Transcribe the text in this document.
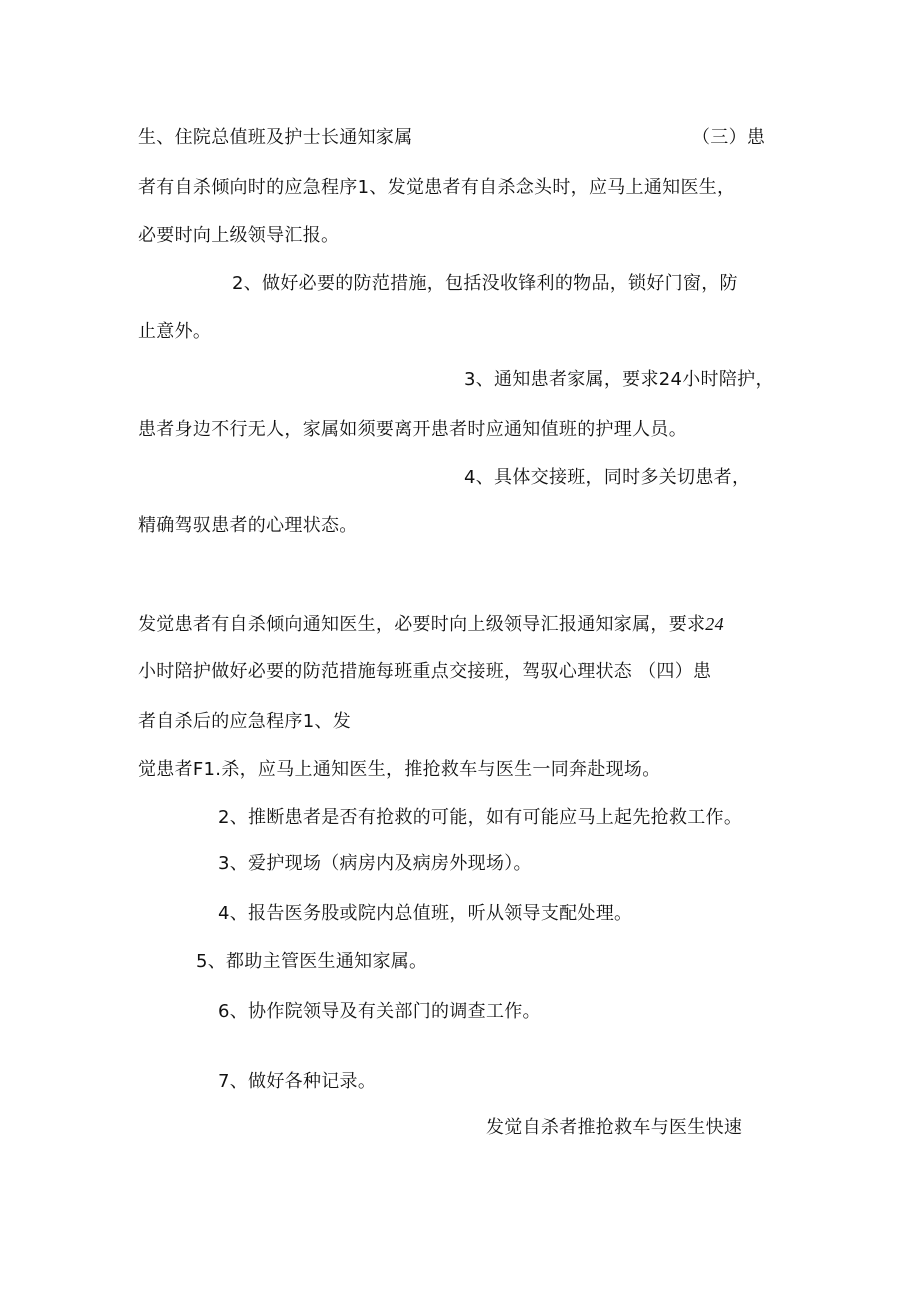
生、住院总值班及护士长通知家属	（三）患
者有自杀倾向时的应急程序1、发觉患者有自杀念头时，应马上通知医生，
必要时向上级领导汇报。
2、做好必要的防范措施，包括没收锋利的物品，锁好门窗，防
止意外。
3、通知患者家属，要求24小时陪护，
患者身边不行无人，家属如须要离开患者时应通知值班的护理人员。
4、具体交接班，同时多关切患者，
精确驾驭患者的心理状态。
发觉患者有自杀倾向通知医生，必要时向上级领导汇报通知家属，要求24
小时陪护做好必要的防范措施每班重点交接班，驾驭心理状态 （四）患
者自杀后的应急程序1、发
觉患者F1.杀，应马上通知医生，推抢救车与医生一同奔赴现场。
2、推断患者是否有抢救的可能，如有可能应马上起先抢救工作。
3、爱护现场（病房内及病房外现场）。
4、报告医务股或院内总值班，听从领导支配处理。
5、都助主管医生通知家属。
6、协作院领导及有关部门的调查工作。
7、做好各种记录。
发觉自杀者推抢救车与医生快速
